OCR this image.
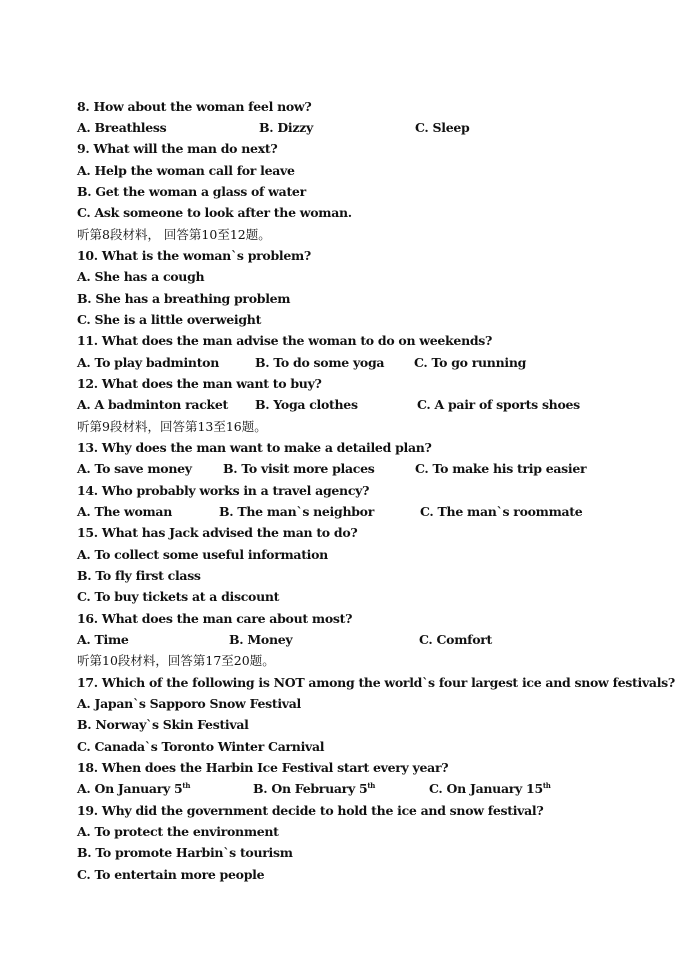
8. How about the woman feel now?
A. Breathless	B. Dizzy	C. Sleep
9. What will the man do next?
A. Help the woman call for leave
B. Get the woman a glass of water
C. Ask someone to look after the woman.
听第8段材料， 回答第10至12题。
10. What is the woman`s problem?
A. She has a cough
B. She has a breathing problem
C. She is a little overweight
11. What does the man advise the woman to do on weekends?
A. To play badminton	B. To do some yoga C. To go running
12. What does the man want to buy?
A. A badminton racket B. Yoga clothes	C. A pair of sports shoes
听第9段材料，回答第13至16题。
13. Why does the man want to make a detailed plan?
A. To save money	B. To visit more places	C. To make his trip easier
14. Who probably works in a travel agency?
A. The woman	B. The man`s neighbor	C. The man`s roommate
15. What has Jack advised the man to do?
A. To collect some useful information
B. To fly first class
C. To buy tickets at a discount
16. What does the man care about most?
A. Time	B. Money	C. Comfort
听第10段材料，回答第17至20题。
17. Which of the following is NOT among the world`s four largest ice and snow festivals?
A. Japan`s Sapporo Snow Festival
B. Norway`s Skin Festival
C. Canada`s Toronto Winter Carnival
18. When does the Harbin Ice Festival start every year?
A. On January 5th	B. On February 5th	C. On January 15th
19. Why did the government decide to hold the ice and snow festival?
A. To protect the environment
B. To promote Harbin`s tourism
C. To entertain more people
